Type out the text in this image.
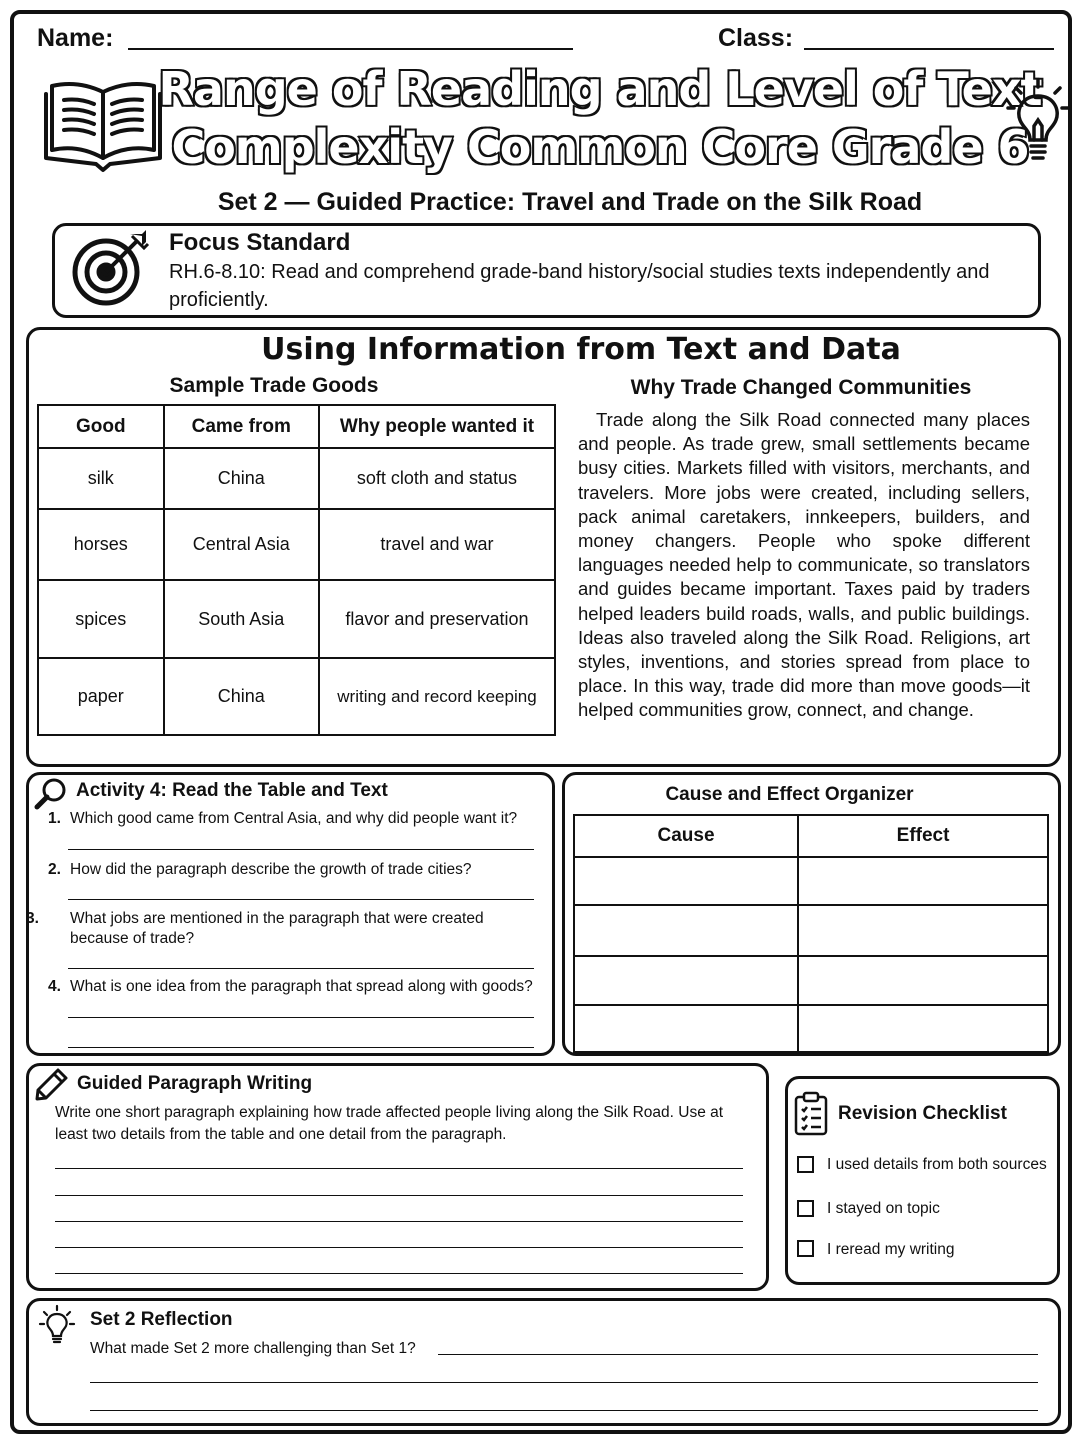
Name:	Class:
Range of Reading and Level of Text
Complexity Common Core Grade 6
Set 2 — Guided Practice: Travel and Trade on the Silk Road
Focus Standard
RH.6-8.10: Read and comprehend grade-band history/social studies texts independently and proficiently.
Using Information from Text and Data
Sample Trade Goods
Good	Came from	Why people wanted it
silk	China	soft cloth and status
horses	Central Asia	travel and war
spices	South Asia	flavor and preservation
paper	China	writing and record keeping
Why Trade Changed Communities
Trade along the Silk Road connected many places and people. As trade grew, small settlements became busy cities. Markets filled with visitors, merchants, and travelers. More jobs were created, including sellers, pack animal caretakers, innkeepers, builders, and money changers. People who spoke different languages needed help to communicate, so translators and guides became important. Taxes paid by traders helped leaders build roads, walls, and public buildings. Ideas also traveled along the Silk Road. Religions, art styles, inventions, and stories spread from place to place. In this way, trade did more than move goods—it helped communities grow, connect, and change.
Activity 4: Read the Table and Text
1. Which good came from Central Asia, and why did people want it?
2. How did the paragraph describe the growth of trade cities?
3. What jobs are mentioned in the paragraph that were created because of trade?
4. What is one idea from the paragraph that spread along with goods?
Cause and Effect Organizer
Cause	Effect

Guided Paragraph Writing
Write one short paragraph explaining how trade affected people living along the Silk Road. Use at least two details from the table and one detail from the paragraph.
Revision Checklist
I used details from both sources
I stayed on topic
I reread my writing
Set 2 Reflection
What made Set 2 more challenging than Set 1?
